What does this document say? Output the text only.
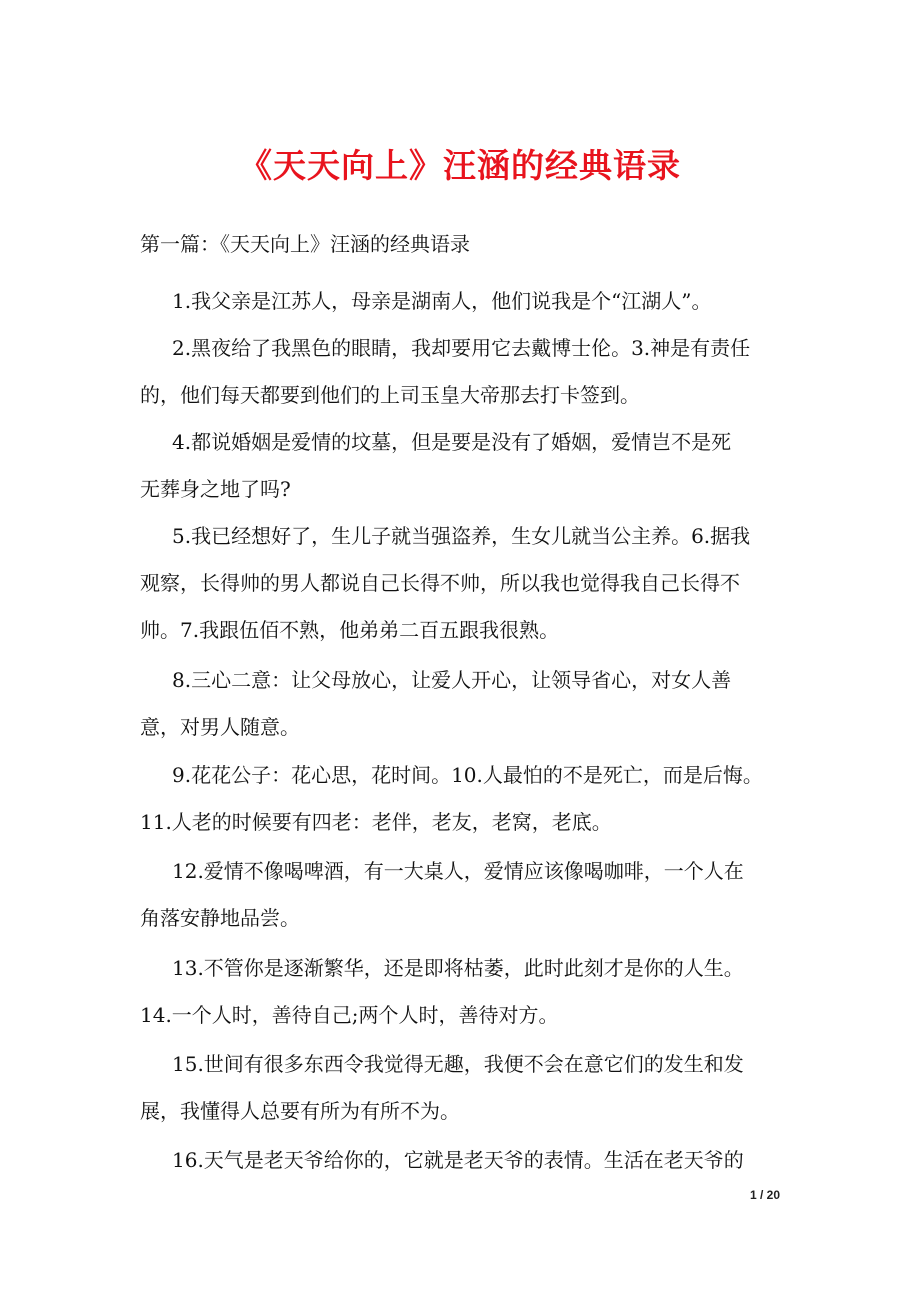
《天天向上》汪涵的经典语录
第一篇：《天天向上》汪涵的经典语录
1.我父亲是江苏人，母亲是湖南人，他们说我是个“江湖人”。
2.黑夜给了我黑色的眼睛，我却要用它去戴博士伦。3.神是有责任
的，他们每天都要到他们的上司玉皇大帝那去打卡签到。
4.都说婚姻是爱情的坟墓，但是要是没有了婚姻，爱情岂不是死
无葬身之地了吗?
5.我已经想好了，生儿子就当强盗养，生女儿就当公主养。6.据我
观察，长得帅的男人都说自己长得不帅，所以我也觉得我自己长得不
帅。7.我跟伍佰不熟，他弟弟二百五跟我很熟。
8.三心二意：让父母放心，让爱人开心，让领导省心，对女人善
意，对男人随意。
9.花花公子：花心思，花时间。10.人最怕的不是死亡，而是后悔。
11.人老的时候要有四老：老伴，老友，老窝，老底。
12.爱情不像喝啤酒，有一大桌人，爱情应该像喝咖啡，一个人在
角落安静地品尝。
13.不管你是逐渐繁华，还是即将枯萎，此时此刻才是你的人生。
14.一个人时，善待自己;两个人时，善待对方。
15.世间有很多东西令我觉得无趣，我便不会在意它们的发生和发
展，我懂得人总要有所为有所不为。
16.天气是老天爷给你的，它就是老天爷的表情。生活在老天爷的
1 / 20
